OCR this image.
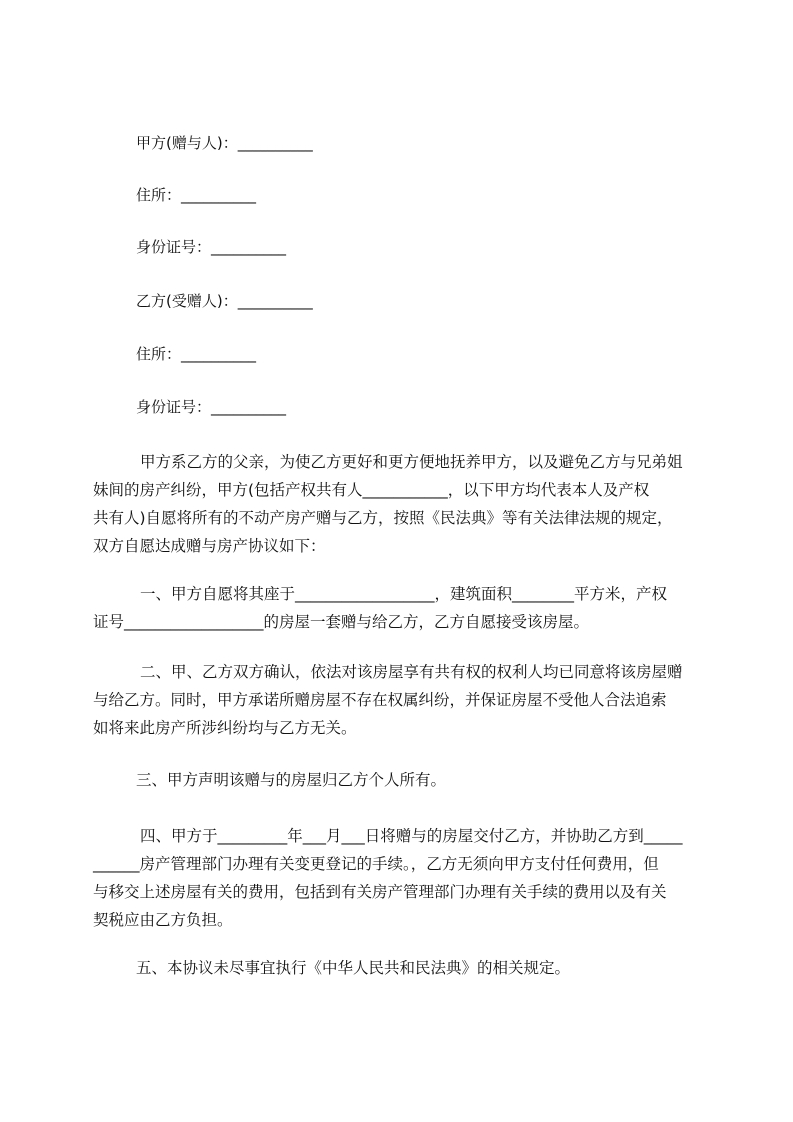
甲方(赠与人)：__________
住所：__________
身份证号：__________
乙方(受赠人)：__________
住所：__________
身份证号：__________
甲方系乙方的父亲，为使乙方更好和更方便地抚养甲方，以及避免乙方与兄弟姐
妹间的房产纠纷，甲方(包括产权共有人___________，以下甲方均代表本人及产权
共有人)自愿将所有的不动产房产赠与乙方，按照《民法典》等有关法律法规的规定，
双方自愿达成赠与房产协议如下：
一、甲方自愿将其座于__________________，建筑面积________平方米，产权
证号__________________的房屋一套赠与给乙方，乙方自愿接受该房屋。
二、甲、乙方双方确认，依法对该房屋享有共有权的权利人均已同意将该房屋赠
与给乙方。同时，甲方承诺所赠房屋不存在权属纠纷，并保证房屋不受他人合法追索
如将来此房产所涉纠纷均与乙方无关。
三、甲方声明该赠与的房屋归乙方个人所有。
四、甲方于_________年___月___日将赠与的房屋交付乙方，并协助乙方到_____
______房产管理部门办理有关变更登记的手续。，乙方无须向甲方支付任何费用，但
与移交上述房屋有关的费用，包括到有关房产管理部门办理有关手续的费用以及有关
契税应由乙方负担。
五、本协议未尽事宜执行《中华人民共和民法典》的相关规定。
